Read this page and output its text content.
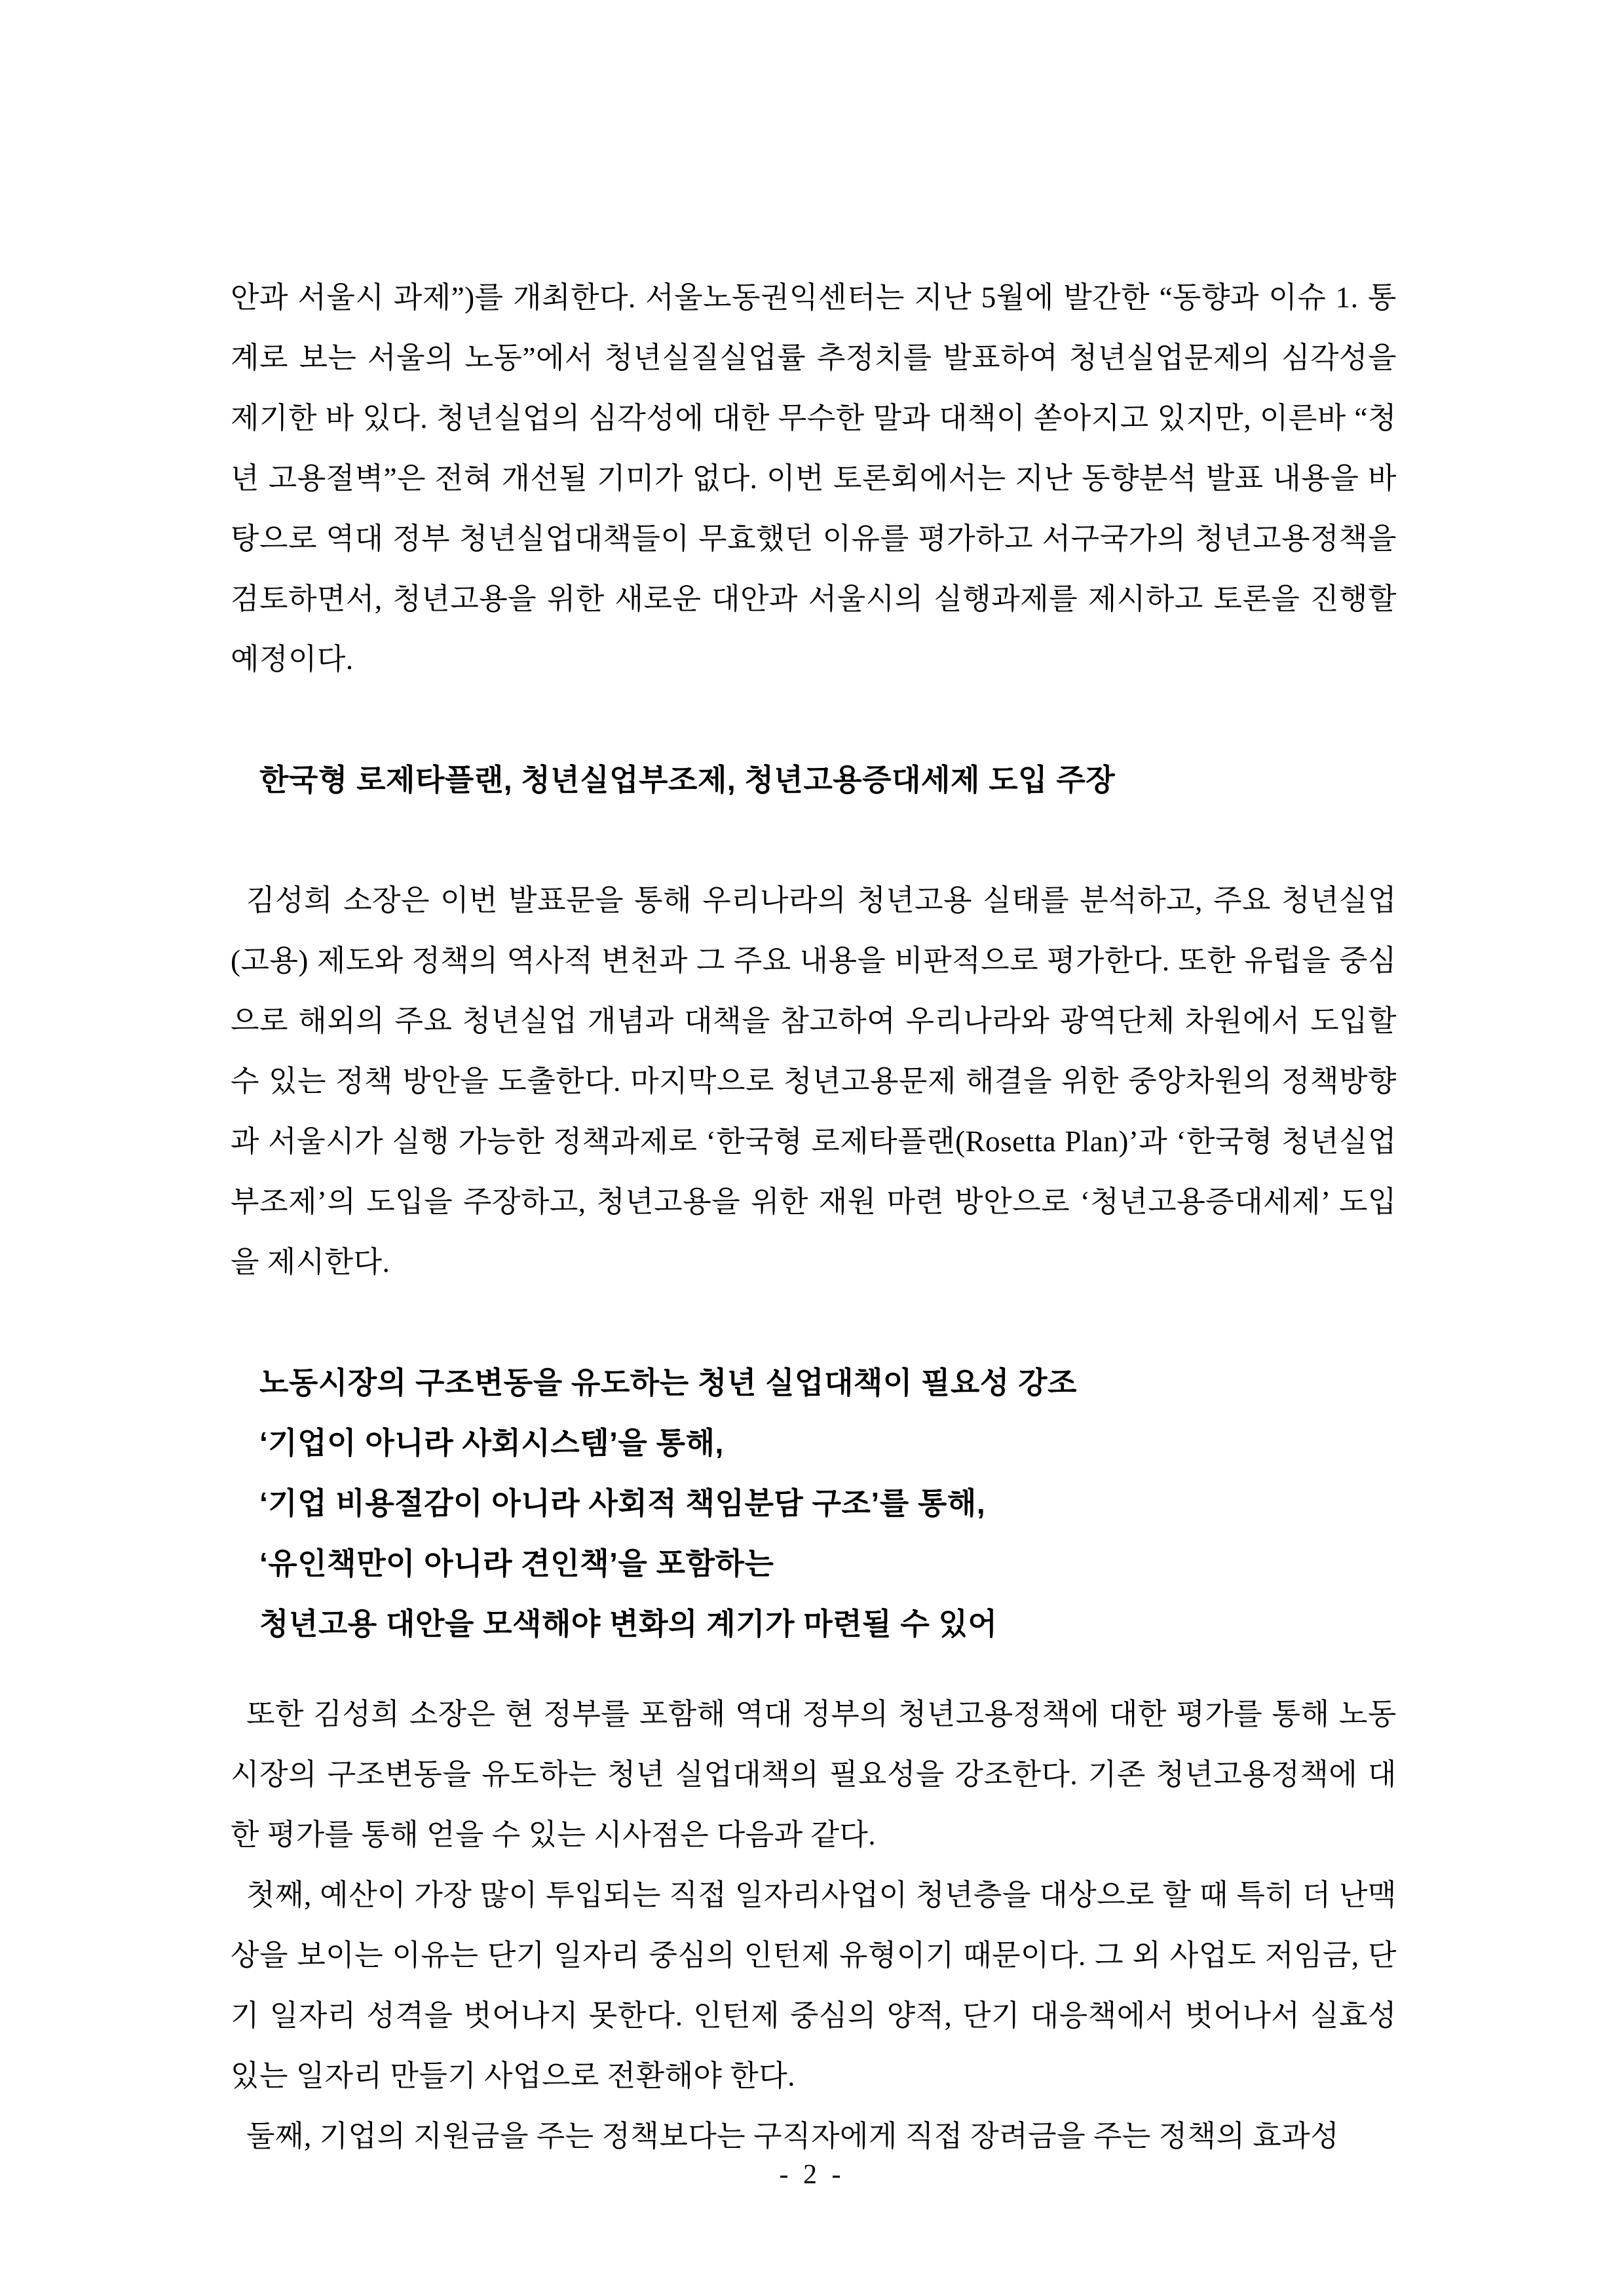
안과 서울시 과제”)를 개최한다. 서울노동권익센터는 지난 5월에 발간한 “동향과 이슈 1. 통계로 보는 서울의 노동”에서 청년실질실업률 추정치를 발표하여 청년실업문제의 심각성을 제기한 바 있다. 청년실업의 심각성에 대한 무수한 말과 대책이 쏟아지고 있지만, 이른바 “청년 고용절벽”은 전혀 개선될 기미가 없다. 이번 토론회에서는 지난 동향분석 발표 내용을 바탕으로 역대 정부 청년실업대책들이 무효했던 이유를 평가하고 서구국가의 청년고용정책을 검토하면서, 청년고용을 위한 새로운 대안과 서울시의 실행과제를 제시하고 토론을 진행할 예정이다.

한국형 로제타플랜, 청년실업부조제, 청년고용증대세제 도입 주장

김성희 소장은 이번 발표문을 통해 우리나라의 청년고용 실태를 분석하고, 주요 청년실업(고용) 제도와 정책의 역사적 변천과 그 주요 내용을 비판적으로 평가한다. 또한 유럽을 중심으로 해외의 주요 청년실업 개념과 대책을 참고하여 우리나라와 광역단체 차원에서 도입할 수 있는 정책 방안을 도출한다. 마지막으로 청년고용문제 해결을 위한 중앙차원의 정책방향과 서울시가 실행 가능한 정책과제로 ‘한국형 로제타플랜(Rosetta Plan)’과 ‘한국형 청년실업부조제’의 도입을 주장하고, 청년고용을 위한 재원 마련 방안으로 ‘청년고용증대세제’ 도입을 제시한다.

노동시장의 구조변동을 유도하는 청년 실업대책이 필요성 강조
‘기업이 아니라 사회시스템’을 통해,
‘기업 비용절감이 아니라 사회적 책임분담 구조’를 통해,
‘유인책만이 아니라 견인책’을 포함하는
청년고용 대안을 모색해야 변화의 계기가 마련될 수 있어

또한 김성희 소장은 현 정부를 포함해 역대 정부의 청년고용정책에 대한 평가를 통해 노동시장의 구조변동을 유도하는 청년 실업대책의 필요성을 강조한다. 기존 청년고용정책에 대한 평가를 통해 얻을 수 있는 시사점은 다음과 같다.

첫째, 예산이 가장 많이 투입되는 직접 일자리사업이 청년층을 대상으로 할 때 특히 더 난맥상을 보이는 이유는 단기 일자리 중심의 인턴제 유형이기 때문이다. 그 외 사업도 저임금, 단기 일자리 성격을 벗어나지 못한다. 인턴제 중심의 양적, 단기 대응책에서 벗어나서 실효성 있는 일자리 만들기 사업으로 전환해야 한다.

둘째, 기업의 지원금을 주는 정책보다는 구직자에게 직접 장려금을 주는 정책의 효과성

- 2 -
